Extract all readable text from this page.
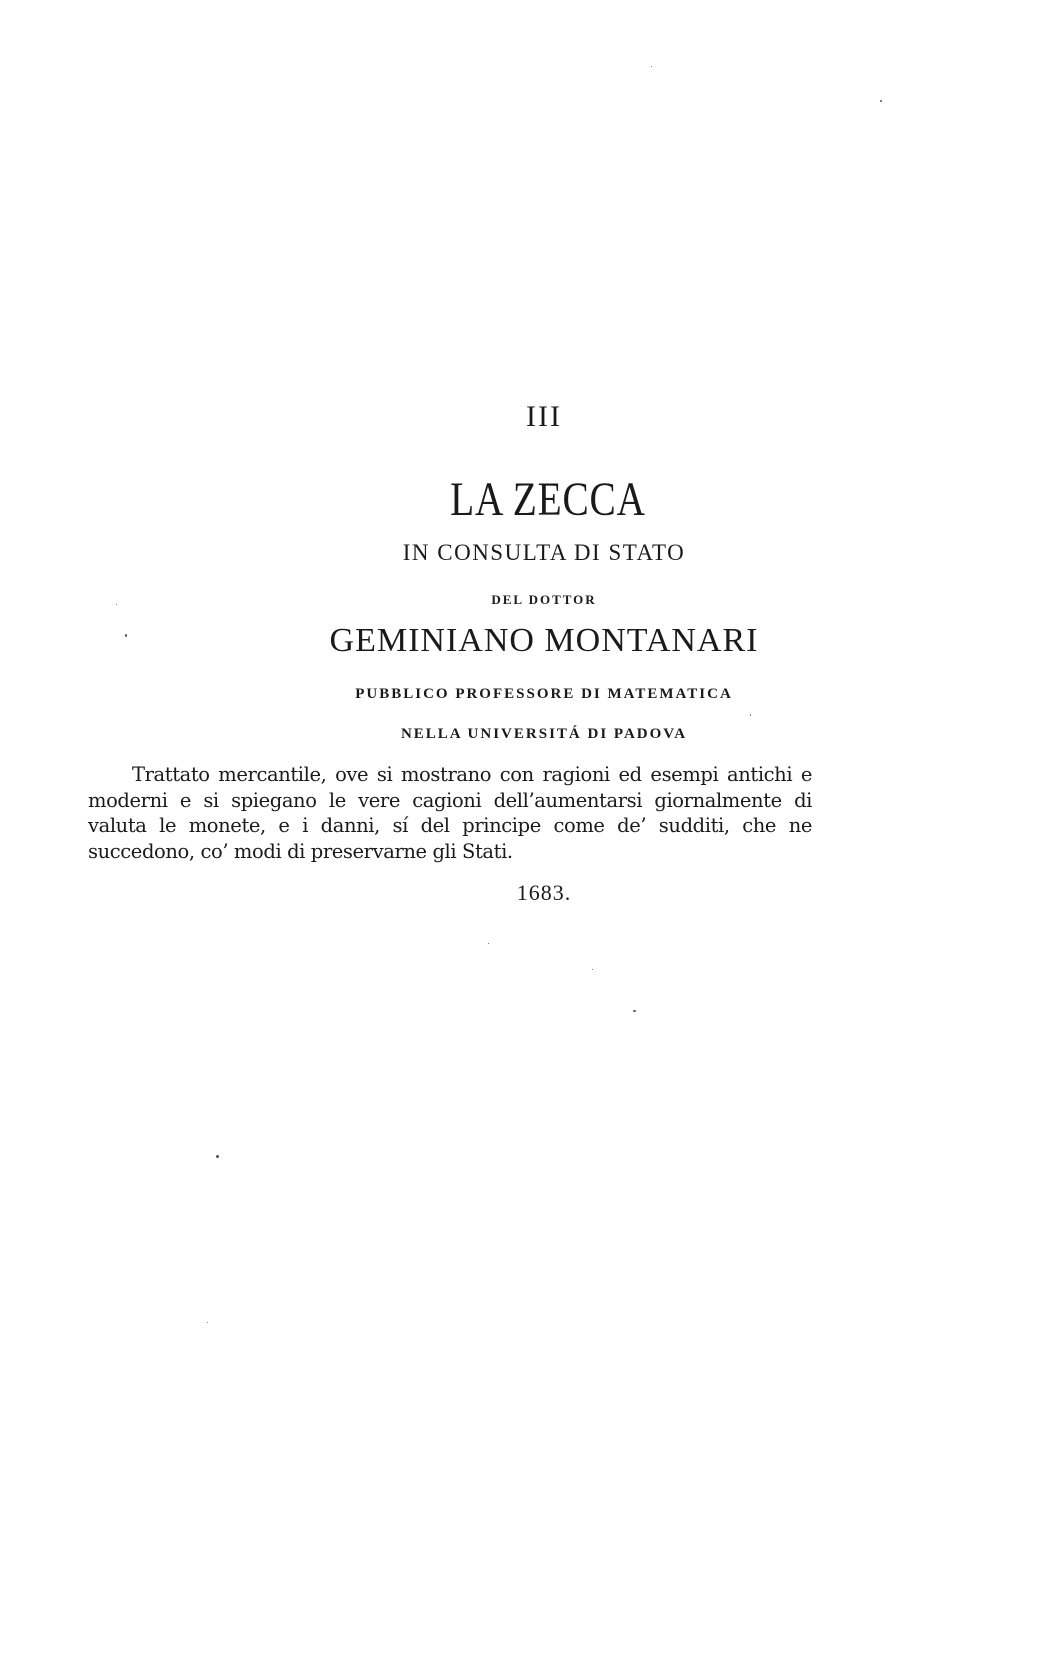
III

LA ZECCA

IN CONSULTA DI STATO

DEL DOTTOR

GEMINIANO MONTANARI

PUBBLICO PROFESSORE DI MATEMATICA

NELLA UNIVERSITÁ DI PADOVA

Trattato mercantile, ove si mostrano con ragioni ed esempi antichi e moderni e si spiegano le vere cagioni dell’aumentarsi giornalmente di valuta le monete, e i danni, sí del principe come de’ sudditi, che ne succedono, co’ modi di preservarne gli Stati.

1683.
